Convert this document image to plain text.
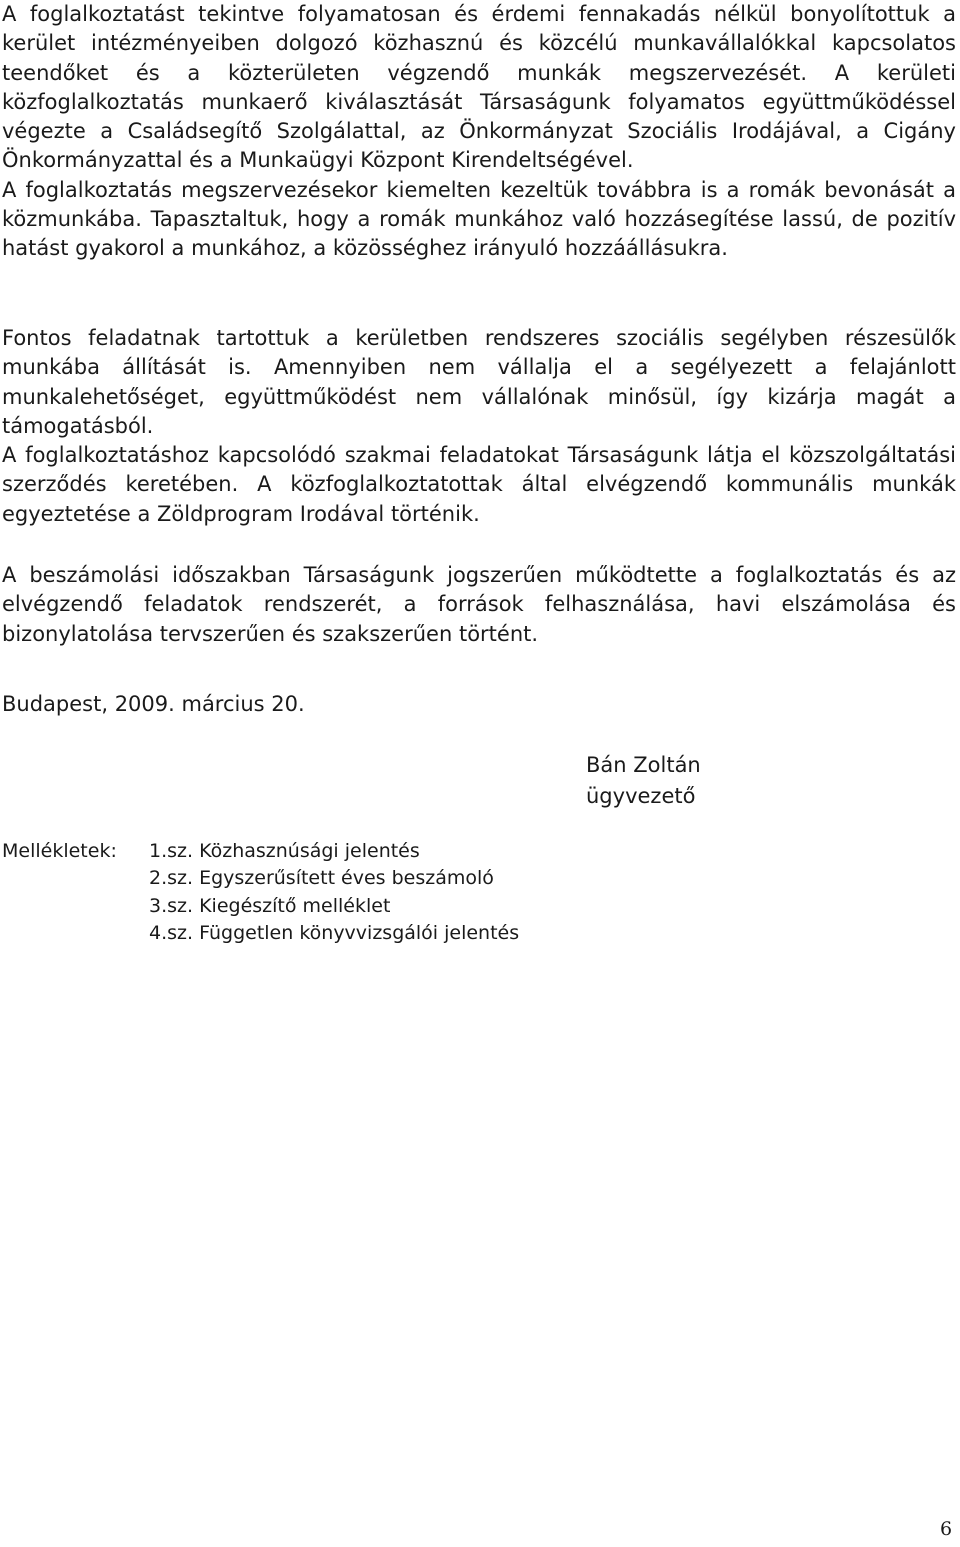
A foglalkoztatást tekintve folyamatosan és érdemi fennakadás nélkül bonyolítottuk a kerület intézményeiben dolgozó közhasznú és közcélú munkavállalókkal kapcsolatos teendőket és a közterületen végzendő munkák megszervezését. A kerületi közfoglalkoztatás munkaerő kiválasztását Társaságunk folyamatos együttműködéssel végezte a Családsegítő Szolgálattal, az Önkormányzat Szociális Irodájával, a Cigány Önkormányzattal és a Munkaügyi Központ Kirendeltségével.
A foglalkoztatás megszervezésekor kiemelten kezeltük továbbra is a romák bevonását a közmunkába. Tapasztaltuk, hogy a romák munkához való hozzásegítése lassú, de pozitív hatást gyakorol a munkához, a közösséghez irányuló hozzáállásukra.
Fontos feladatnak tartottuk a kerületben rendszeres szociális segélyben részesülők munkába állítását is. Amennyiben nem vállalja el a segélyezett a felajánlott munkalehetőséget, együttműködést nem vállalónak minősül, így kizárja magát a támogatásból.
A foglalkoztatáshoz kapcsolódó szakmai feladatokat Társaságunk látja el közszolgáltatási szerződés keretében. A közfoglalkoztatottak által elvégzendő kommunális munkák egyeztetése a Zöldprogram Irodával történik.
A beszámolási időszakban Társaságunk jogszerűen működtette a foglalkoztatás és az elvégzendő feladatok rendszerét, a források felhasználása, havi elszámolása és bizonylatolása tervszerűen és szakszerűen történt.

Budapest, 2009. március 20.

Bán Zoltán
ügyvezető
Mellékletek: 1.sz. Közhasznúsági jelentés
2.sz. Egyszerűsített éves beszámoló
3.sz. Kiegészítő melléklet
4.sz. Független könyvvizsgálói jelentés
6
